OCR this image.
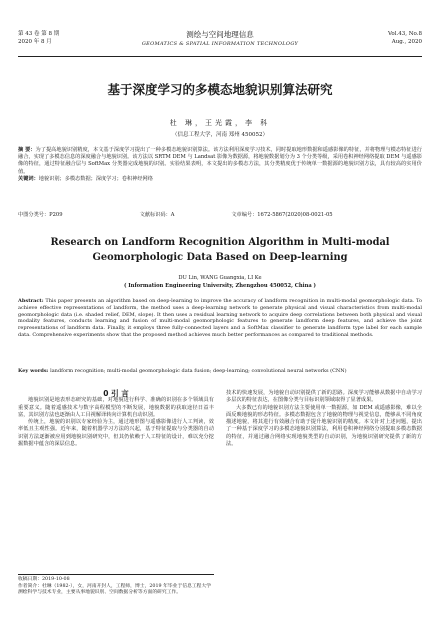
第 43 卷 第 8 期
2020 年 8 月
测绘与空间地理信息
GEOMATICS & SPATIAL INFORMATION TECHNOLOGY
Vol.43, No.8
Aug., 2020
基于深度学习的多模态地貌识别算法研究
杜 琳，王光霞，李 科
（信息工程大学，河南 郑州 450052）
摘 要：为了提高地貌识别精度，本文基于深度学习提出了一种多模态地貌识别算法。该方法利用深度学习技术，同时提取地形数据和遥感影像的特征，并将物理与模态特征进行融合，实现了多模态信息的深度融合与地貌识别。该方法以 SRTM DEM 与 Landsat 影像为数据源，将地貌数据划分为 3 个分类等级，采用卷积神经网络提取 DEM 与遥感影像的特征，通过特征融合层与 SoftMax 分类器完成地貌的识别。实验结果表明，本文提出的多模态方法，其分类精度优于传统单一数据源的地貌识别方法，具有较高的实用价值。
关键词：地貌识别；多模态数据；深度学习；卷积神经网络
中图分类号：P209	文献标识码：A	文章编号：1672-5867(2020)08-0021-05
Research on Landform Recognition Algorithm in Multi-modal Geomorphologic Data Based on Deep-learning
DU Lin, WANG Guangxia, LI Ke
( Information Engineering University, Zhengzhou 450052, China )
Abstract: This paper presents an algorithm based on deep-learning to improve the accuracy of landform recognition in multi-modal geomorphologic data. To achieve effective representations of landform, the method uses a deep-learning network to generate physical and visual characteristics from multi-modal geomorphologic data (i.e. shaded relief, DEM, slope). It then uses a residual learning network to acquire deep correlations between both physical and visual modality features, conducts learning and fusion of multi-modal geomorphologic features to generate landform deep features, and achieve the joint representations of landform data. Finally, it employs three fully-connected layers and a SoftMax classifier to generate landform type label for each sample data. Comprehensive experiments show that the proposed method achieves much better performances as compared to traditional methods.
Key words: landform recognition; multi-modal geomorphologic data fusion; deep-learning; convolutional neural networks (CNN)

0 引 言

地貌识别是地表形态研究的基础，对地貌进行科学、准确的识别在多个领域具有重要意义。随着遥感技术与数字高程模型的不断发展，地貌数据的获取途径日益丰富，其识别方法也逐渐由人工目视解译转向计算机自动识别。

传统上，地貌的识别以专家经验为主，通过地形图与遥感影像进行人工判读，效率低且主观性强。近年来，随着机器学习方法的兴起，基于特征提取与分类器的自动识别方法逐渐被应用到地貌识别研究中，但其仍依赖于人工特征的设计，难以充分挖掘数据中蕴含的深层信息。

技术的快速发展，为地貌自动识别提供了新的思路。深度学习能够从数据中自动学习多层次的特征表达，在图像分类与目标识别领域取得了显著成果。

大多数已有的地貌识别方法主要使用单一数据源，如 DEM 或遥感影像，难以全面反映地貌的形态特征。多模态数据包含了地貌的物理与视觉信息，能够从不同角度描述地貌，将其进行有效融合有助于提升地貌识别的精度。本文针对上述问题，提出了一种基于深度学习的多模态地貌识别算法，利用卷积神经网络分别提取多模态数据的特征，并通过融合网络实现地貌类型的自动识别，为地貌识别研究提供了新的方法。

收稿日期：2019-10-08
作者简介：杜琳（1982-），女，河南开封人，工程师，博士，2019 年毕业于信息工程大学测绘科学与技术专业，主要从事地貌识别、空间数据分析等方面的研究工作。
